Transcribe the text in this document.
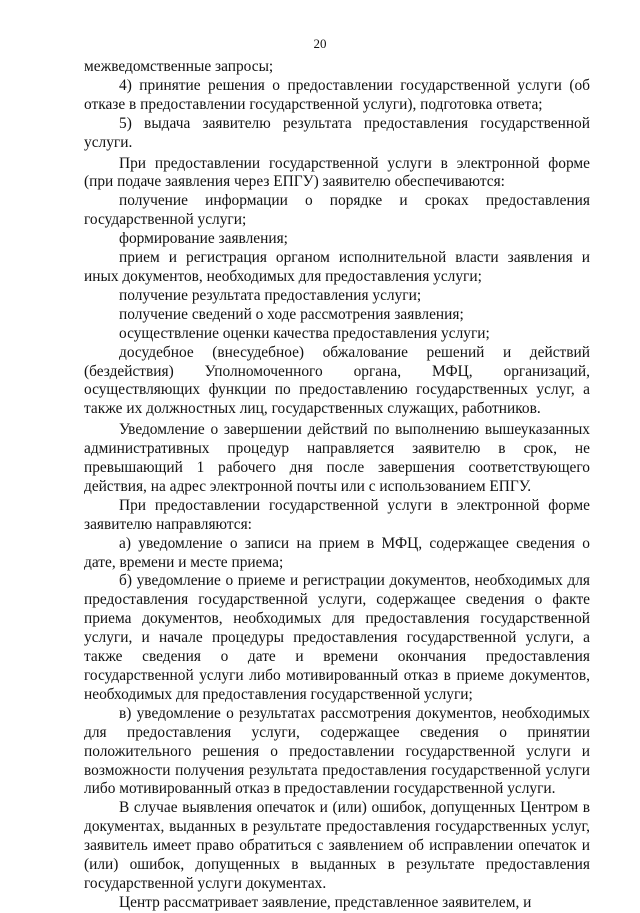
20

межведомственные запросы;

4) принятие решения о предоставлении государственной услуги (об отказе в предоставлении государственной услуги), подготовка ответа;

5) выдача заявителю результата предоставления государственной услуги.

При предоставлении государственной услуги в электронной форме (при подаче заявления через ЕПГУ) заявителю обеспечиваются:

получение информации о порядке и сроках предоставления государственной услуги;

формирование заявления;

прием и регистрация органом исполнительной власти заявления и иных документов, необходимых для предоставления услуги;

получение результата предоставления услуги;

получение сведений о ходе рассмотрения заявления;

осуществление оценки качества предоставления услуги;

досудебное (внесудебное) обжалование решений и действий (бездействия) Уполномоченного органа, МФЦ, организаций, осуществляющих функции по предоставлению государственных услуг, а также их должностных лиц, государственных служащих, работников.

Уведомление о завершении действий по выполнению вышеуказанных административных процедур направляется заявителю в срок, не превышающий 1 рабочего дня после завершения соответствующего действия, на адрес электронной почты или с использованием ЕПГУ.

При предоставлении государственной услуги в электронной форме заявителю направляются:

а) уведомление о записи на прием в МФЦ, содержащее сведения о дате, времени и месте приема;

б) уведомление о приеме и регистрации документов, необходимых для предоставления государственной услуги, содержащее сведения о факте приема документов, необходимых для предоставления государственной услуги, и начале процедуры предоставления государственной услуги, а также сведения о дате и времени окончания предоставления государственной услуги либо мотивированный отказ в приеме документов, необходимых для предоставления государственной услуги;

в) уведомление о результатах рассмотрения документов, необходимых для предоставления услуги, содержащее сведения о принятии положительного решения о предоставлении государственной услуги и возможности получения результата предоставления государственной услуги либо мотивированный отказ в предоставлении государственной услуги.

В случае выявления опечаток и (или) ошибок, допущенных Центром в документах, выданных в результате предоставления государственных услуг, заявитель имеет право обратиться с заявлением об исправлении опечаток и (или) ошибок, допущенных в выданных в результате предоставления государственной услуги документах.

Центр рассматривает заявление, представленное заявителем, и
